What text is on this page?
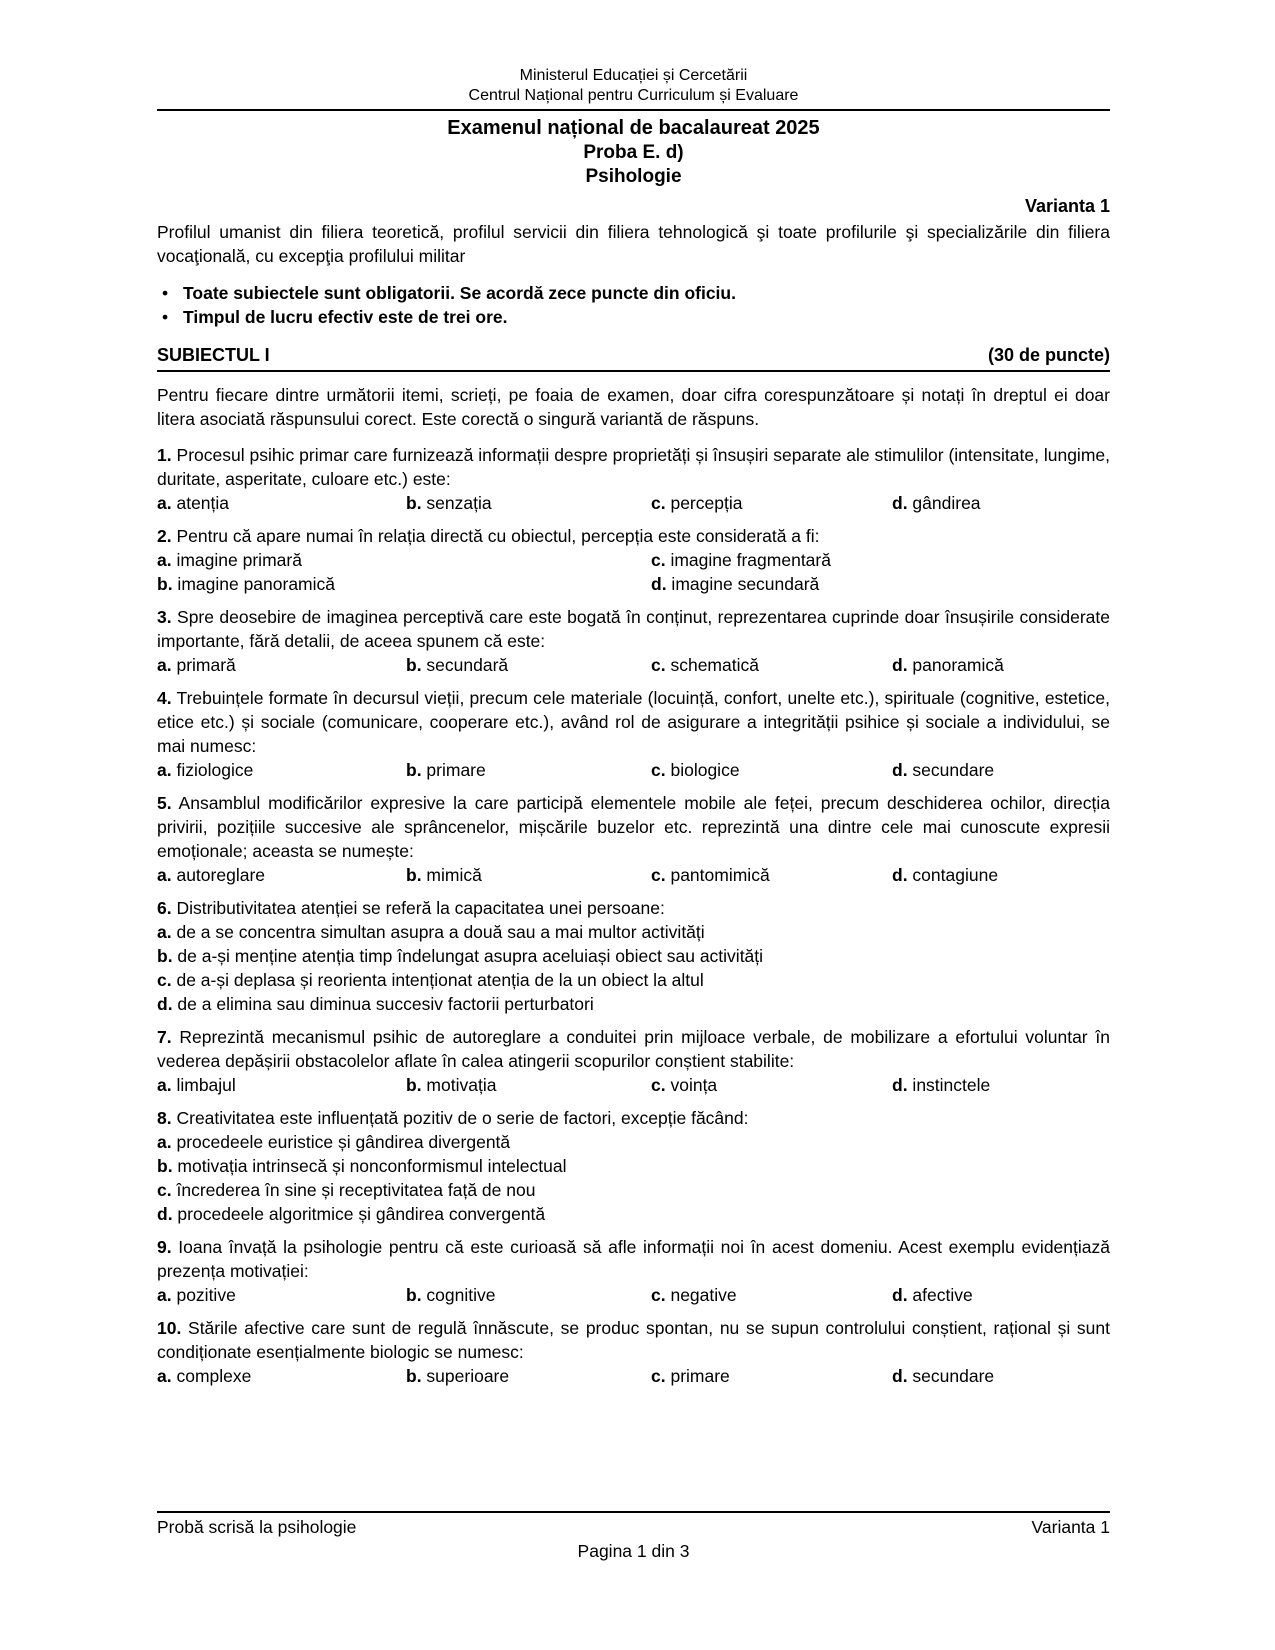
Ministerul Educației și Cercetării
Centrul Național pentru Curriculum și Evaluare
Examenul național de bacalaureat 2025
Proba E. d)
Psihologie
Varianta 1

Profilul umanist din filiera teoretică, profilul servicii din filiera tehnologică şi toate profilurile şi specializările din filiera vocaţională, cu excepţia profilului militar

• Toate subiectele sunt obligatorii. Se acordă zece puncte din oficiu.
• Timpul de lucru efectiv este de trei ore.
SUBIECTUL I	(30 de puncte)

Pentru fiecare dintre următorii itemi, scrieți, pe foaia de examen, doar cifra corespunzătoare și notați în dreptul ei doar litera asociată răspunsului corect. Este corectă o singură variantă de răspuns.

1. Procesul psihic primar care furnizează informații despre proprietăți și însușiri separate ale stimulilor (intensitate, lungime, duritate, asperitate, culoare etc.) este:

a. atenția	b. senzația	c. percepția	d. gândirea

2. Pentru că apare numai în relația directă cu obiectul, percepția este considerată a fi:

a. imagine primară	c. imagine fragmentară
b. imagine panoramică	d. imagine secundară

3. Spre deosebire de imaginea perceptivă care este bogată în conținut, reprezentarea cuprinde doar însușirile considerate importante, fără detalii, de aceea spunem că este:

a. primară	b. secundară	c. schematică	d. panoramică

4. Trebuințele formate în decursul vieții, precum cele materiale (locuință, confort, unelte etc.), spirituale (cognitive, estetice, etice etc.) și sociale (comunicare, cooperare etc.), având rol de asigurare a integrității psihice și sociale a individului, se mai numesc:

a. fiziologice	b. primare	c. biologice	d. secundare

5. Ansamblul modificărilor expresive la care participă elementele mobile ale feței, precum deschiderea ochilor, direcția privirii, pozițiile succesive ale sprâncenelor, mișcările buzelor etc. reprezintă una dintre cele mai cunoscute expresii emoționale; aceasta se numește:

a. autoreglare	b. mimică	c. pantomimică	d. contagiune

6. Distributivitatea atenției se referă la capacitatea unei persoane:

a. de a se concentra simultan asupra a două sau a mai multor activități
b. de a-și menține atenția timp îndelungat asupra aceluiași obiect sau activități
c. de a-și deplasa și reorienta intenționat atenția de la un obiect la altul
d. de a elimina sau diminua succesiv factorii perturbatori

7. Reprezintă mecanismul psihic de autoreglare a conduitei prin mijloace verbale, de mobilizare a efortului voluntar în vederea depășirii obstacolelor aflate în calea atingerii scopurilor conștient stabilite:

a. limbajul	b. motivația	c. voința	d. instinctele

8. Creativitatea este influențată pozitiv de o serie de factori, excepție făcând:

a. procedeele euristice și gândirea divergentă
b. motivația intrinsecă și nonconformismul intelectual
c. încrederea în sine și receptivitatea față de nou
d. procedeele algoritmice și gândirea convergentă

9. Ioana învață la psihologie pentru că este curioasă să afle informații noi în acest domeniu. Acest exemplu evidențiază prezența motivației:

a. pozitive	b. cognitive	c. negative	d. afective

10. Stările afective care sunt de regulă înnăscute, se produc spontan, nu se supun controlului conștient, rațional și sunt condiționate esențialmente biologic se numesc:

a. complexe	b. superioare	c. primare	d. secundare
Probă scrisă la psihologie	Varianta 1
Pagina 1 din 3
